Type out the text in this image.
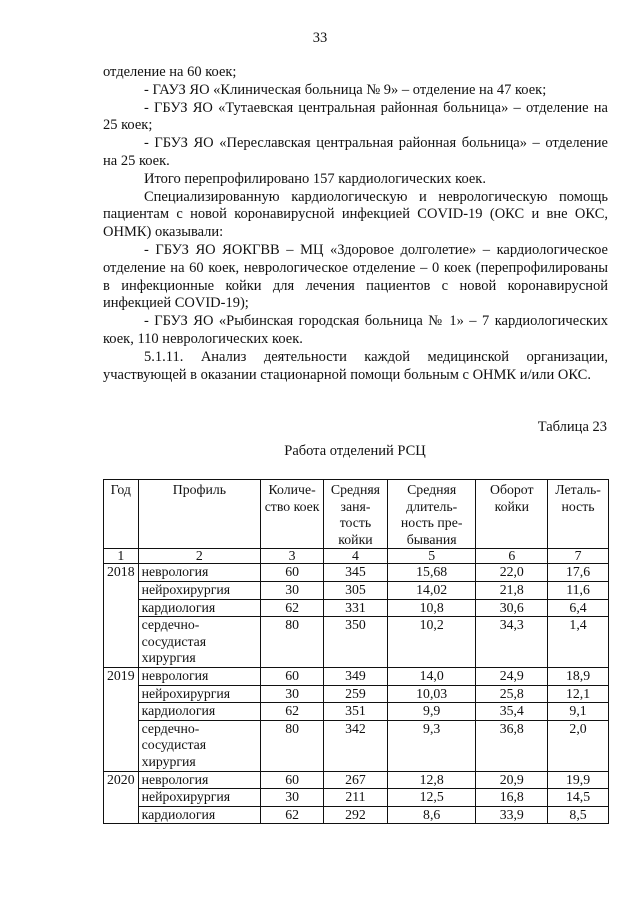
33

отделение на 60 коек;

- ГАУЗ ЯО «Клиническая больница № 9» – отделение на 47 коек;

- ГБУЗ ЯО «Тутаевская центральная районная больница» – отделение на 25 коек;

- ГБУЗ ЯО «Переславская центральная районная больница» – отделение на 25 коек.

Итого перепрофилировано 157 кардиологических коек.

Специализированную кардиологическую и неврологическую помощь пациентам с новой коронавирусной инфекцией COVID-19 (ОКС и вне ОКС, ОНМК) оказывали:

- ГБУЗ ЯО ЯОКГВВ – МЦ «Здоровое долголетие» – кардиологическое отделение на 60 коек, неврологическое отделение – 0 коек (перепрофилированы в инфекционные койки для лечения пациентов с новой коронавирусной инфекцией COVID-19);

- ГБУЗ ЯО «Рыбинская городская больница № 1» – 7 кардиологических коек, 110 неврологических коек.

5.1.11. Анализ деятельности каждой медицинской организации, участвующей в оказании стационарной помощи больным с ОНМК и/или ОКС.

Таблица 23
Работа отделений РСЦ
Год	Профиль	Количе-ство коек	Средняя заня-тость койки	Средняя длитель-ность пре-бывания	Оборот койки	Леталь-ность
1	2	3	4	5	6	7
2018	неврология	60	345	15,68	22,0	17,6
	нейрохирургия	30	305	14,02	21,8	11,6
	кардиология	62	331	10,8	30,6	6,4
	сердечно-сосудистая хирургия	80	350	10,2	34,3	1,4
2019	неврология	60	349	14,0	24,9	18,9
	нейрохирургия	30	259	10,03	25,8	12,1
	кардиология	62	351	9,9	35,4	9,1
	сердечно-сосудистая хирургия	80	342	9,3	36,8	2,0
2020	неврология	60	267	12,8	20,9	19,9
	нейрохирургия	30	211	12,5	16,8	14,5
	кардиология	62	292	8,6	33,9	8,5
